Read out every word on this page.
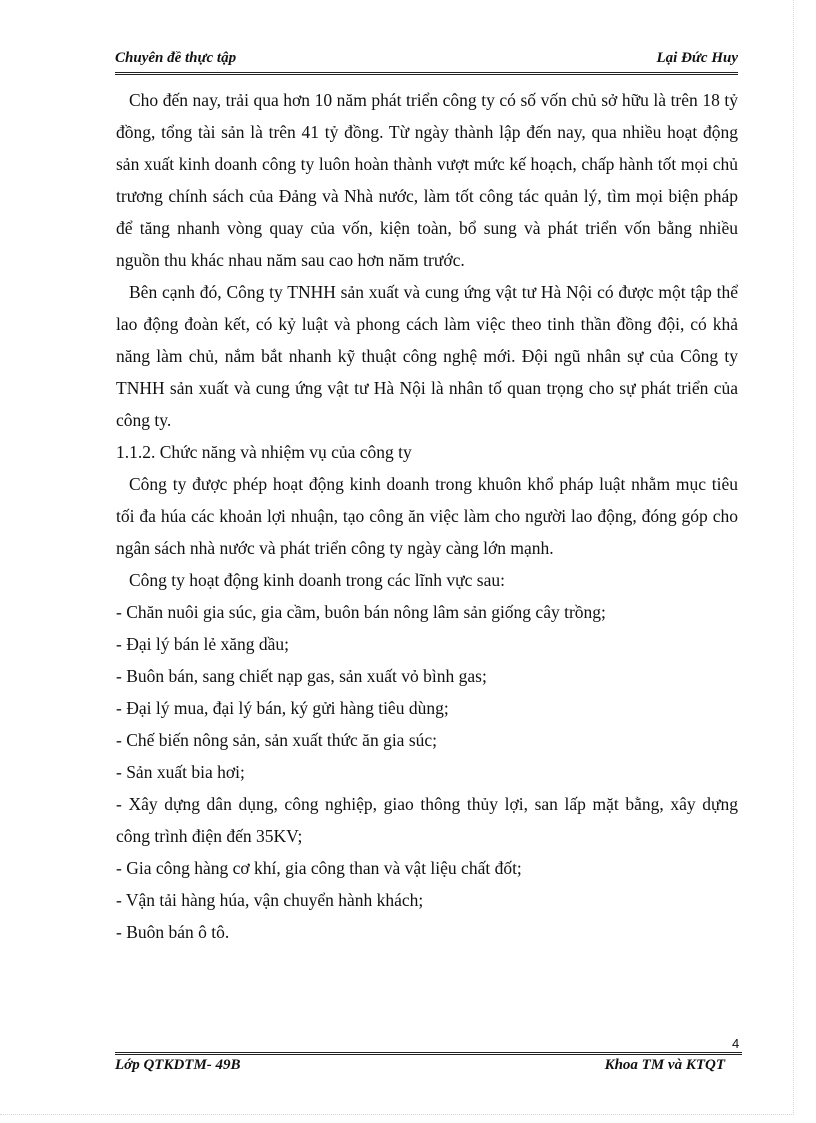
Chuyên đề thực tập	Lại Đức Huy

Cho đến nay, trải qua hơn 10 năm phát triển công ty có số vốn chủ sở hữu là trên 18 tỷ đồng, tổng tài sản là trên 41 tỷ đồng. Từ ngày thành lập đến nay, qua nhiều hoạt động sản xuất kinh doanh công ty luôn hoàn thành vượt mức kế hoạch, chấp hành tốt mọi chủ trương chính sách của Đảng và Nhà nước, làm tốt công tác quản lý, tìm mọi biện pháp để tăng nhanh vòng quay của vốn, kiện toàn, bổ sung và phát triển vốn bằng nhiều nguồn thu khác nhau năm sau cao hơn năm trước.

Bên cạnh đó, Công ty TNHH sản xuất và cung ứng vật tư Hà Nội có được một tập thể lao động đoàn kết, có kỷ luật và phong cách làm việc theo tinh thần đồng đội, có khả năng làm chủ, nắm bắt nhanh kỹ thuật công nghệ mới. Đội ngũ nhân sự của Công ty TNHH sản xuất và cung ứng vật tư Hà Nội là nhân tố quan trọng cho sự phát triển của công ty.

1.1.2. Chức năng và nhiệm vụ của công ty

Công ty được phép hoạt động kinh doanh trong khuôn khổ pháp luật nhằm mục tiêu tối đa húa các khoản lợi nhuận, tạo công ăn việc làm cho người lao động, đóng góp cho ngân sách nhà nước và phát triển công ty ngày càng lớn mạnh.

Công ty hoạt động kinh doanh trong các lĩnh vực sau:

- Chăn nuôi gia súc, gia cầm, buôn bán nông lâm sản giống cây trồng;

- Đại lý bán lẻ xăng dầu;

- Buôn bán, sang chiết nạp gas, sản xuất vỏ bình gas;

- Đại lý mua, đại lý bán, ký gửi hàng tiêu dùng;

- Chế biến nông sản, sản xuất thức ăn gia súc;

- Sản xuất bia hơi;

- Xây dựng dân dụng, công nghiệp, giao thông thủy lợi, san lấp mặt bằng, xây dựng công trình điện đến 35KV;

- Gia công hàng cơ khí, gia công than và vật liệu chất đốt;

- Vận tải hàng húa, vận chuyển hành khách;

- Buôn bán ô tô.

4
Lớp QTKDTM- 49B	Khoa TM và KTQT
